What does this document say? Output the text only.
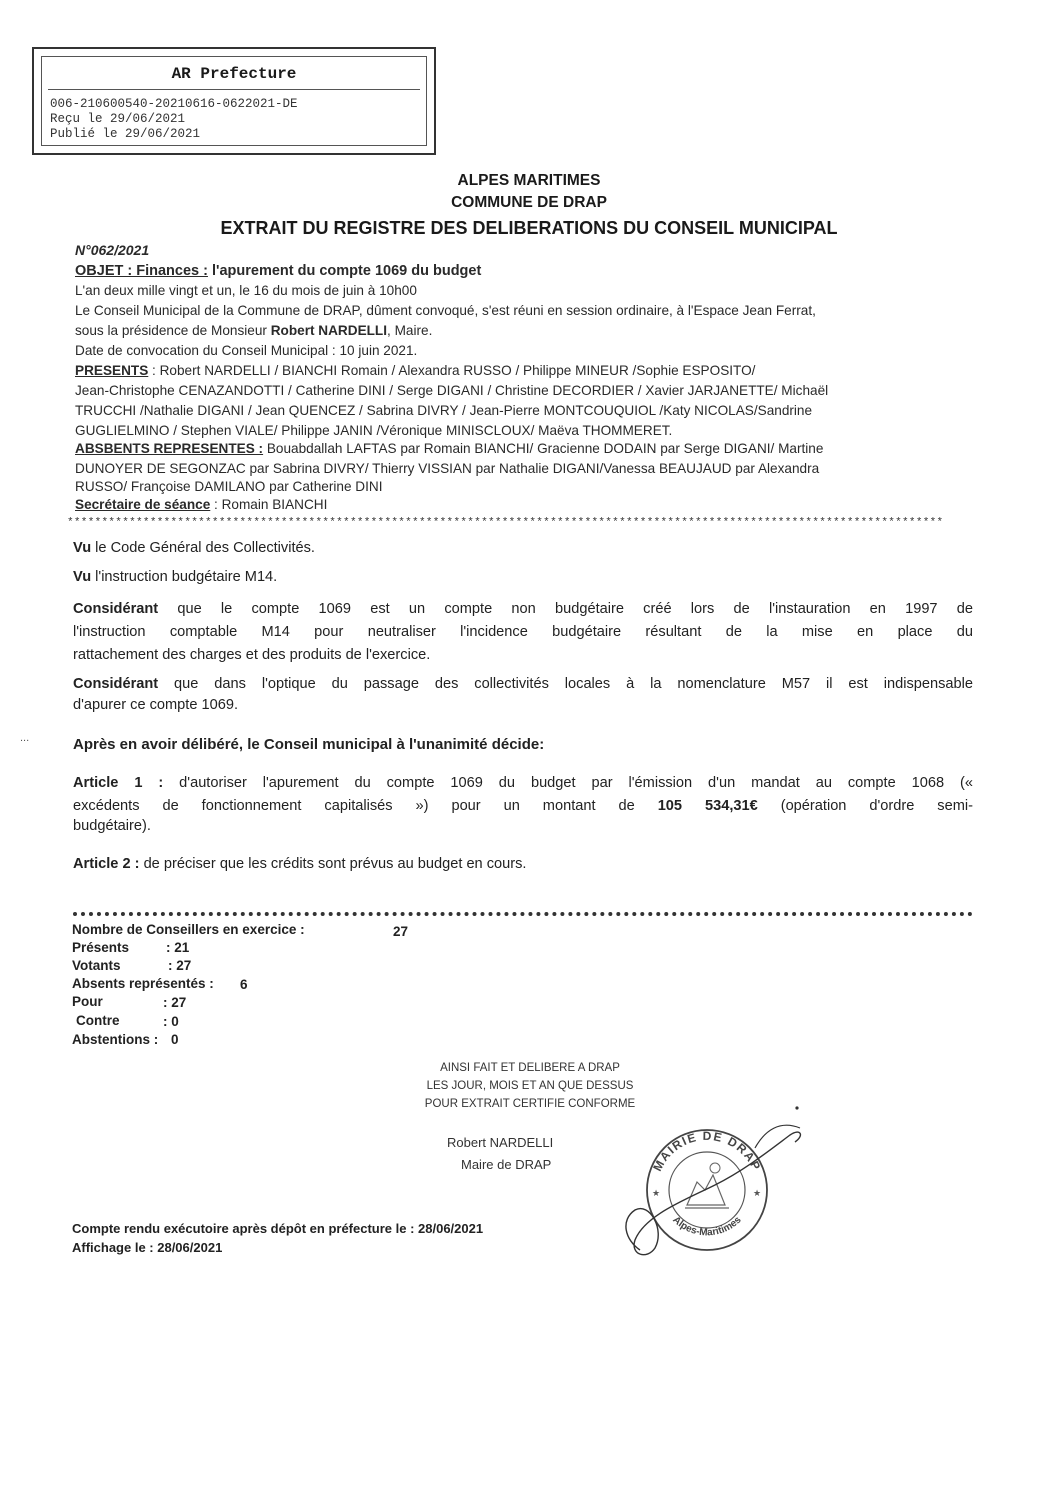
AR Prefecture
006-210600540-20210616-0622021-DE
Reçu le 29/06/2021
Publié le 29/06/2021
ALPES MARITIMES
COMMUNE DE DRAP
EXTRAIT DU REGISTRE DES DELIBERATIONS DU CONSEIL MUNICIPAL
N°062/2021
OBJET : Finances : l'apurement du compte 1069 du budget
L'an deux mille vingt et un, le 16 du mois de juin à 10h00
Le Conseil Municipal de la Commune de DRAP, dûment convoqué, s'est réuni en session ordinaire, à l'Espace Jean Ferrat,
sous la présidence de Monsieur Robert NARDELLI, Maire.
Date de convocation du Conseil Municipal : 10 juin 2021.
PRESENTS : Robert NARDELLI / BIANCHI Romain / Alexandra RUSSO / Philippe MINEUR /Sophie ESPOSITO/
Jean-Christophe CENAZANDOTTI / Catherine DINI / Serge DIGANI / Christine DECORDIER / Xavier JARJANETTE/ Michaël
TRUCCHI /Nathalie DIGANI / Jean QUENCEZ / Sabrina DIVRY / Jean-Pierre MONTCOUQUIOL /Katy NICOLAS/Sandrine
GUGLIELMINO / Stephen VIALE/ Philippe JANIN /Véronique MINISCLOUX/ Maëva THOMMERET.
ABSBENTS REPRESENTES : Bouabdallah LAFTAS par Romain BIANCHI/ Gracienne DODAIN par Serge DIGANI/ Martine
DUNOYER DE SEGONZAC par Sabrina DIVRY/ Thierry VISSIAN par Nathalie DIGANI/Vanessa BEAUJAUD par Alexandra
RUSSO/ Françoise DAMILANO par Catherine DINI
Secrétaire de séance : Romain BIANCHI
*******************************************************************************************************************************
Vu le Code Général des Collectivités.
Vu l'instruction budgétaire M14.
Considérant que le compte 1069 est un compte non budgétaire créé lors de l'instauration en 1997 de
l'instruction comptable M14 pour neutraliser l'incidence budgétaire résultant de la mise en place du
rattachement des charges et des produits de l'exercice.
Considérant que dans l'optique du passage des collectivités locales à la nomenclature M57 il est indispensable
d'apurer ce compte 1069.
...	Après en avoir délibéré, le Conseil municipal à l'unanimité décide:
Article 1 : d'autoriser l'apurement du compte 1069 du budget par l'émission d'un mandat au compte 1068 («
excédents de fonctionnement capitalisés ») pour un montant de 105 534,31€ (opération d'ordre semi-
budgétaire).
Article 2 : de préciser que les crédits sont prévus au budget en cours.
Nombre de Conseillers en exercice :	27
Présents	: 21
Votants	: 27
Absents représentés : 6
Pour	: 27
Contre	: 0
Abstentions : 0
AINSI FAIT ET DELIBERE A DRAP
LES JOUR, MOIS ET AN QUE DESSUS
POUR EXTRAIT CERTIFIE CONFORME
Robert NARDELLI
Maire de DRAP	MAIRIE DE DRAP
Alpes-Maritimes
★	★
Compte rendu exécutoire après dépôt en préfecture le : 28/06/2021
Affichage le : 28/06/2021
